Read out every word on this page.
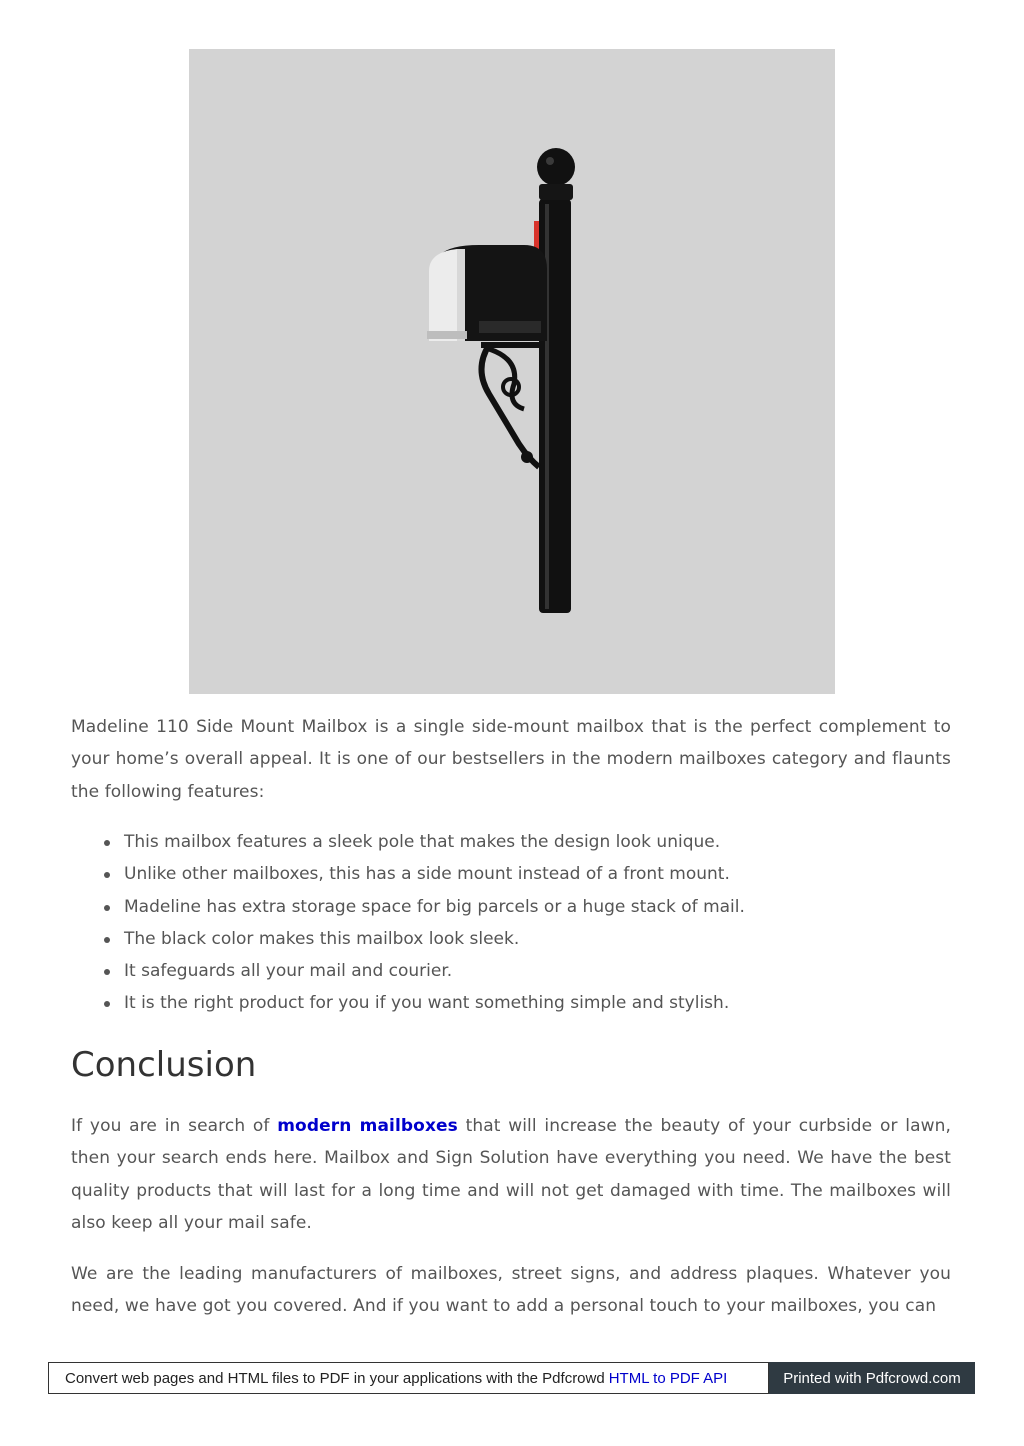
Madeline 110 Side Mount Mailbox is a single side-mount mailbox that is the perfect complement to your home’s overall appeal. It is one of our bestsellers in the modern mailboxes category and flaunts the following features:

This mailbox features a sleek pole that makes the design look unique.
Unlike other mailboxes, this has a side mount instead of a front mount.
Madeline has extra storage space for big parcels or a huge stack of mail.
The black color makes this mailbox look sleek.
It safeguards all your mail and courier.
It is the right product for you if you want something simple and stylish.
Conclusion

If you are in search of modern mailboxes that will increase the beauty of your curbside or lawn, then your search ends here. Mailbox and Sign Solution have everything you need. We have the best quality products that will last for a long time and will not get damaged with time. The mailboxes will also keep all your mail safe.

We are the leading manufacturers of mailboxes, street signs, and address plaques. Whatever you need, we have got you covered. And if you want to add a personal touch to your mailboxes, you can

Convert web pages and HTML files to PDF in your applications with the Pdfcrowd HTML to PDF API	Printed with Pdfcrowd.com
